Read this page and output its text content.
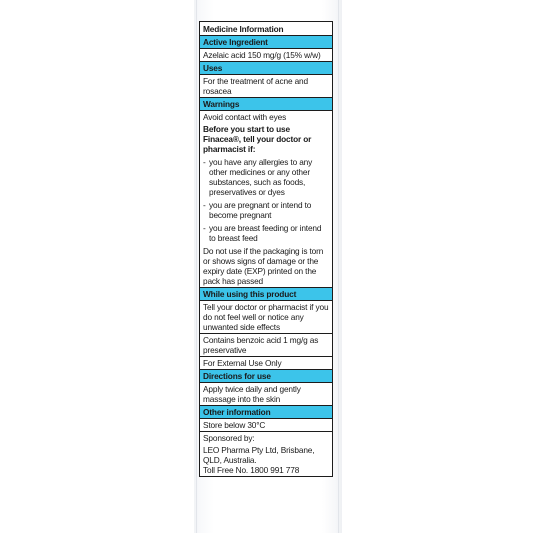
Medicine Information
Active Ingredient

Azelaic acid 150 mg/g (15% w/w)

Uses

For the treatment of acne and rosacea

Warnings

Avoid contact with eyes

Before you start to use Finacea®, tell your doctor or pharmacist if:

- you have any allergies to any other medicines or any other substances, such as foods, preservatives or dyes
- you are pregnant or intend to become pregnant
- you are breast feeding or intend to breast feed

Do not use if the packaging is torn or shows signs of damage or the expiry date (EXP) printed on the pack has passed

While using this product

Tell your doctor or pharmacist if you do not feel well or notice any unwanted side effects

Contains benzoic acid 1 mg/g as preservative

For External Use Only

Directions for use

Apply twice daily and gently massage into the skin

Other information

Store below 30°C

Sponsored by:

LEO Pharma Pty Ltd, Brisbane, QLD, Australia.

Toll Free No. 1800 991 778
